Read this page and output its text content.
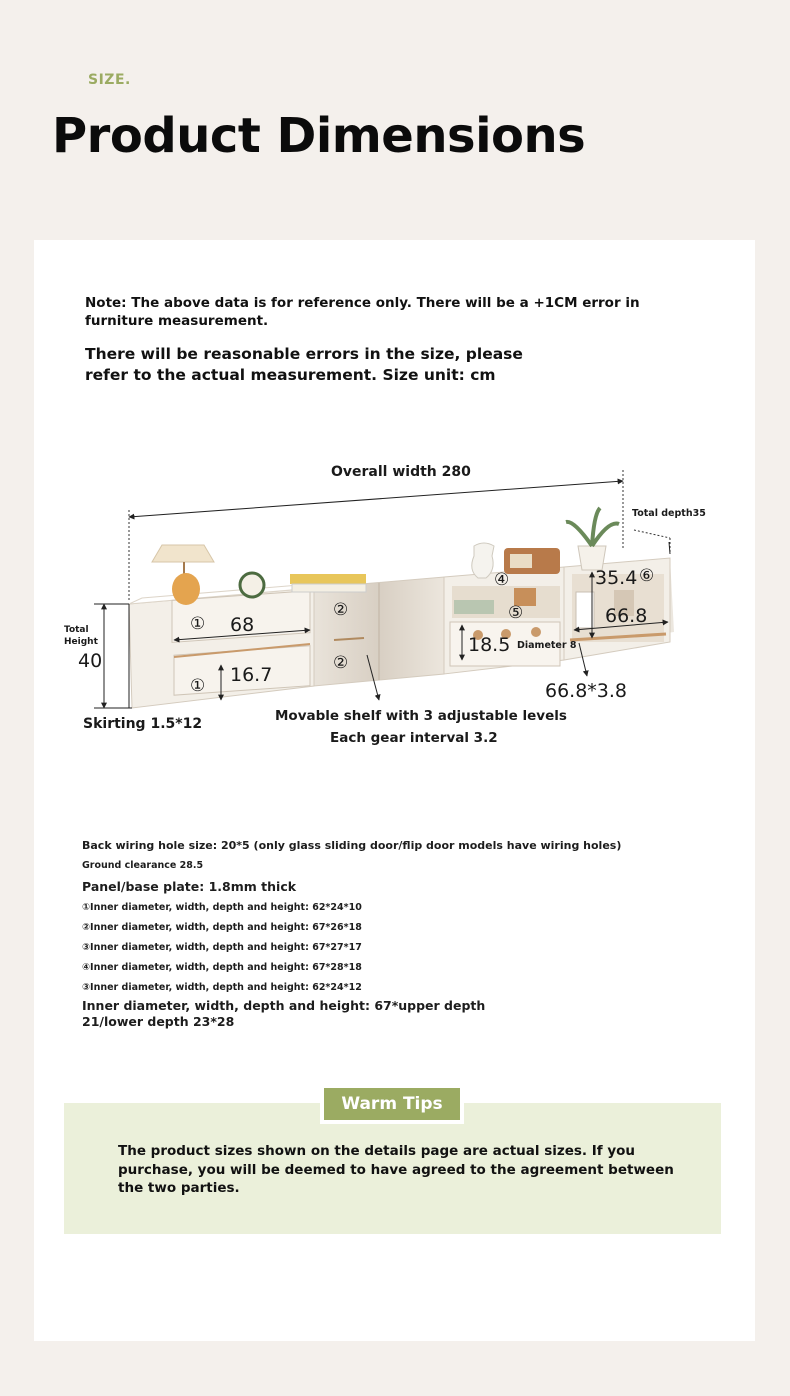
SIZE.
Product Dimensions

Note: The above data is for reference only. There will be a +1CM error in furniture measurement.

There will be reasonable errors in the size, please refer to the actual measurement. Size unit: cm

Overall width 280
Total depth35
Total Height
40
① 68
① 16.7
②
②
④
⑤
18.5 Diameter 8
35.4 ⑥
66.8
66.8*3.8
Skirting 1.5*12	Movable shelf with 3 adjustable levels
Each gear interval 3.2
Back wiring hole size: 20*5 (only glass sliding door/flip door models have wiring holes)
Ground clearance 28.5
Panel/base plate: 1.8mm thick
①Inner diameter, width, depth and height: 62*24*10
②Inner diameter, width, depth and height: 67*26*18
③Inner diameter, width, depth and height: 67*27*17
④Inner diameter, width, depth and height: 67*28*18
③Inner diameter, width, depth and height: 62*24*12
Inner diameter, width, depth and height: 67*upper depth 21/lower depth 23*28
Warm Tips

The product sizes shown on the details page are actual sizes. If you purchase, you will be deemed to have agreed to the agreement between the two parties.
